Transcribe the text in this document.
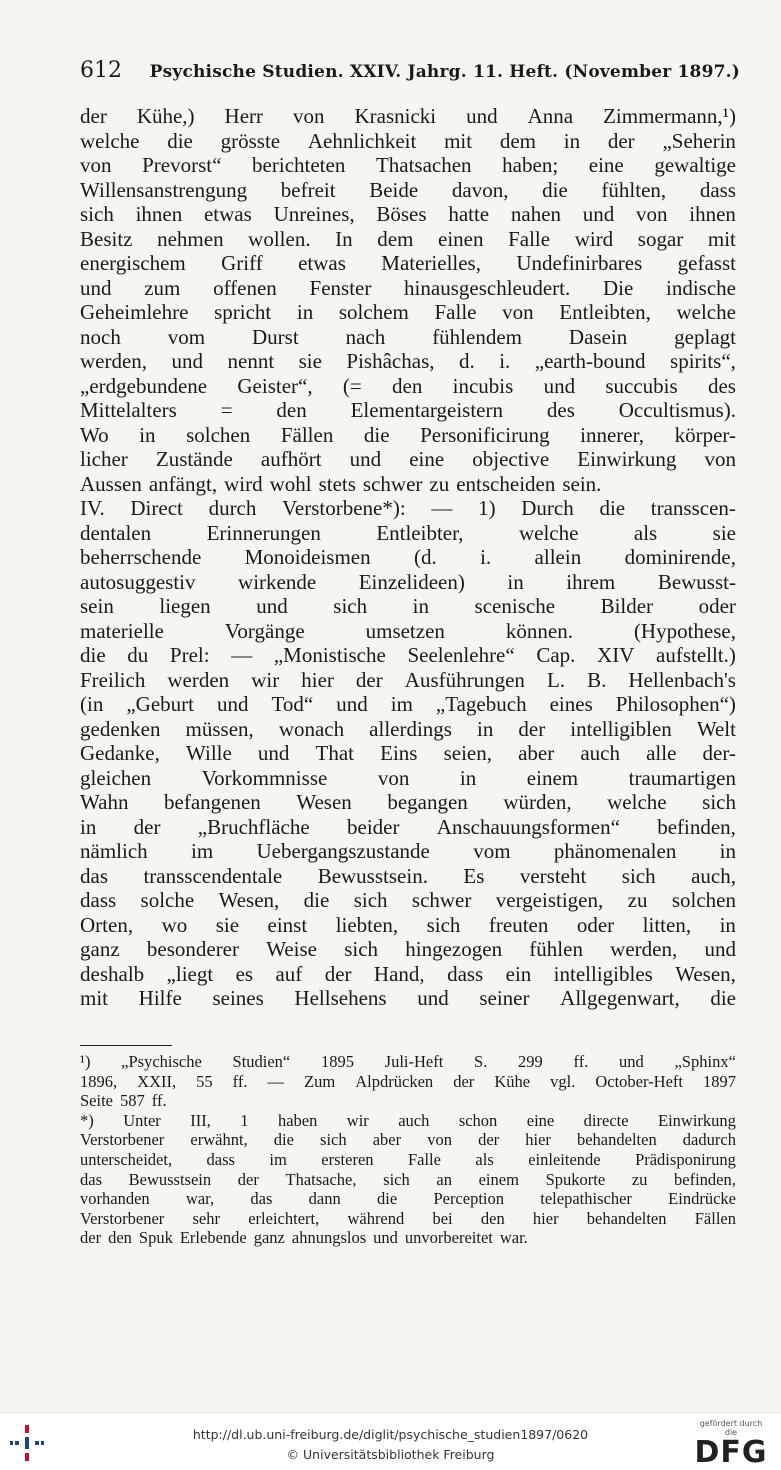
612 Psychische Studien. XXIV. Jahrg. 11. Heft. (November 1897.)
der Kühe,) Herr von Krasnicki und Anna Zimmermann,¹)
welche die grösste Aehnlichkeit mit dem in der „Seherin
von Prevorst“ berichteten Thatsachen haben; eine gewaltige
Willensanstrengung befreit Beide davon, die fühlten, dass
sich ihnen etwas Unreines, Böses hatte nahen und von ihnen
Besitz nehmen wollen. In dem einen Falle wird sogar mit
energischem Griff etwas Materielles, Undefinirbares gefasst
und zum offenen Fenster hinausgeschleudert. Die indische
Geheimlehre spricht in solchem Falle von Entleibten, welche
noch vom Durst nach fühlendem Dasein geplagt
werden, und nennt sie Pishâchas, d. i. „earth-bound spirits“,
„erdgebundene Geister“, (= den incubis und succubis des
Mittelalters = den Elementargeistern des Occultismus).
Wo in solchen Fällen die Personificirung innerer, körper-
licher Zustände aufhört und eine objective Einwirkung von
Aussen anfängt, wird wohl stets schwer zu entscheiden sein.
IV. Direct durch Verstorbene*): — 1) Durch die transscen-
dentalen	Erinnerungen	Entleibter,	welche	als	sie
beherrschende Monoideismen (d. i. allein dominirende,
autosuggestiv wirkende Einzelideen) in ihrem Bewusst-
sein liegen und sich in scenische Bilder oder
materielle	Vorgänge	umsetzen	können.	(Hypothese,
die du Prel: — „Monistische Seelenlehre“ Cap. XIV aufstellt.)
Freilich werden wir hier der Ausführungen L. B. Hellenbach's
(in „Geburt und Tod“ und im „Tagebuch eines Philosophen“)
gedenken müssen, wonach allerdings in der intelligiblen Welt
Gedanke, Wille und That Eins seien, aber auch alle der-
gleichen Vorkommnisse von in einem traumartigen
Wahn befangenen Wesen begangen würden, welche sich
in der „Bruchfläche beider Anschauungsformen“ befinden,
nämlich im Uebergangszustande vom phänomenalen in
das transscendentale Bewusstsein. Es versteht sich auch,
dass solche Wesen, die sich schwer vergeistigen, zu solchen
Orten, wo sie einst liebten, sich freuten oder litten, in
ganz besonderer Weise sich hingezogen fühlen werden, und
deshalb „liegt es auf der Hand, dass ein intelligibles Wesen,
mit Hilfe seines Hellsehens und seiner Allgegenwart, die
¹) „Psychische Studien“ 1895 Juli-Heft S. 299 ff. und „Sphinx“
1896, XXII, 55 ff. — Zum Alpdrücken der Kühe vgl. October-Heft 1897
Seite 587 ff.
*) Unter III, 1 haben wir auch schon eine directe Einwirkung
Verstorbener erwähnt, die sich aber von der hier behandelten dadurch
unterscheidet, dass im ersteren Falle als einleitende Prädisponirung
das Bewusstsein der Thatsache, sich an einem Spukorte zu befinden,
vorhanden war, das dann die Perception telepathischer Eindrücke
Verstorbener sehr erleichtert, während bei den hier behandelten Fällen
der den Spuk Erlebende ganz ahnungslos und unvorbereitet war.
http://dl.ub.uni-freiburg.de/diglit/psychische_studien1897/0620
© Universitätsbibliothek Freiburg
gefördert durch die
DFG
